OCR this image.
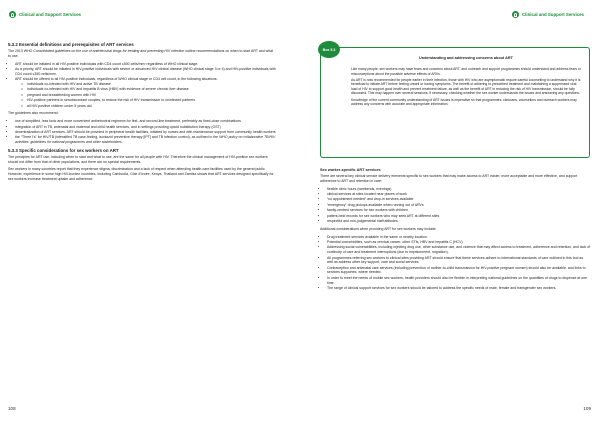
Clinical and Support Services
5.3.2 Essential definitions and prerequisites of ART services
The 2013 WHO Consolidated guidelines on the use of antiretroviral drugs for treating and preventing HIV infection outline recommendations on when to start ART and what to use.
• ART should be initiated in all HIV-positive individuals with CD4 count ≤500 cells/mm³ regardless of WHO clinical stage.
• As a priority, ART should be initiated in HIV-positive individuals with severe or advanced HIV clinical disease (WHO clinical stage 3 or 4) and HIV-positive individuals with CD4 count ≤350 cells/mm³.
• ART should be offered to all HIV-positive individuals, regardless of WHO clinical stage or CD4 cell count, in the following situations:
□ individuals co-infected with HIV and active TB disease
□ individuals co-infected with HIV and hepatitis B virus (HBV) with evidence of severe chronic liver disease
□ pregnant and breastfeeding women with HIV
□ HIV-positive partners in serodiscordant couples, to reduce the risk of HIV transmission to uninfected partners
□ all HIV-positive children under 5 years old.
The guidelines also recommend:
• use of simplified, less toxic and more convenient antiretroviral regimens for first- and second-line treatment, preferably as fixed-dose combinations
• integration of ART in TB, antenatal and maternal and child health services, and in settings providing opioid substitution therapy (OST)
• decentralization of ART services. ART should be provided in peripheral health facilities, initiated by nurses and with maintenance support from community health workers
• the “Three I’s” for HIV/TB (intensified TB case-finding, isoniazid preventive therapy [IPT] and TB infection control), as outlined in the WHO policy on collaborative TB/HIV activities: guidelines for national programmes and other stakeholders.
5.3.3 Specific considerations for sex workers on ART
The principles for ART use, including when to start and what to use, are the same for all people with HIV. Therefore the clinical management of HIV-positive sex workers should not differ from that of other populations, and there are no special requirements.
Sex workers in many countries report that they experience stigma, discrimination and a lack of respect when attending health-care facilities used by the general public. However, experience in some high HIV-burden countries, including Cambodia, Côte d’Ivoire, Kenya, Thailand and Zambia shows that ART services designed specifically for sex workers increase treatment uptake and adherence.
108
Clinical and Support Services
Box 5.3
Understanding and addressing concerns about ART
Like many people, sex workers may have fears and concerns about ART, and outreach and support programmes should understand and address fears or misconceptions about the possible adverse effects of ARVs.
As ART is now recommended for people earlier in their infection, those with HIV who are asymptomatic require careful counselling to understand why it is beneficial to initiate ART before feeling unwell or having symptoms. The benefit of adhering to prescribed treatment and maintaining a suppressed viral load of HIV to support good health and prevent treatment failure, as well as the benefit of ART in reducing the risk of HIV transmission, should be fully discussed. This may happen over several sessions, if necessary, checking whether the sex worker understands the issues and answering any questions.
Knowledge of the current community understanding of ART issues is imperative so that programmes, clinicians, counsellors and outreach workers may address any concerns with accurate and appropriate information.
Sex worker-specific ART services
There are several key clinical service delivery elements specific to sex workers that may make access to ART easier, more acceptable and more effective, and support adherence to ART and retention in care:
• flexible clinic hours (weekends, evenings)
• clinical services at sites located near places of work
• “no appointment needed” and drop-in services available
• “emergency” drug pickups available when running out of ARVs
• family-centred services for sex workers with children
• patient-held records for sex workers who may seek ART at different sites
• respectful and non-judgemental staff attitudes.
Additional considerations when providing ART for sex workers may include:
• Drug treatment services available in the same or nearby location.
• Potential comorbidities, such as cervical cancer, other STIs, HBV and hepatitis C (HCV).
• Addressing social vulnerabilities, including injecting drug use, other substance use, and violence that may affect access to treatment, adherence and retention, and lack of continuity of care and treatment interruptions (due to imprisonment, migration).
• All programmes referring sex workers to clinical sites providing ART should ensure that these services adhere to international standards of care outlined in this tool as well as address other key support, care and social services.
• Contraception and antenatal care services (including prevention of mother-to-child transmission for HIV-positive pregnant women) should also be available, and links to services supported, where needed.
• In order to meet the needs of mobile sex workers, health providers should also be flexible in interpreting national guidelines on the quantities of drugs to dispense at one time.
• The range of clinical support services for sex workers should be tailored to address the specific needs of male, female and transgender sex workers.
109
